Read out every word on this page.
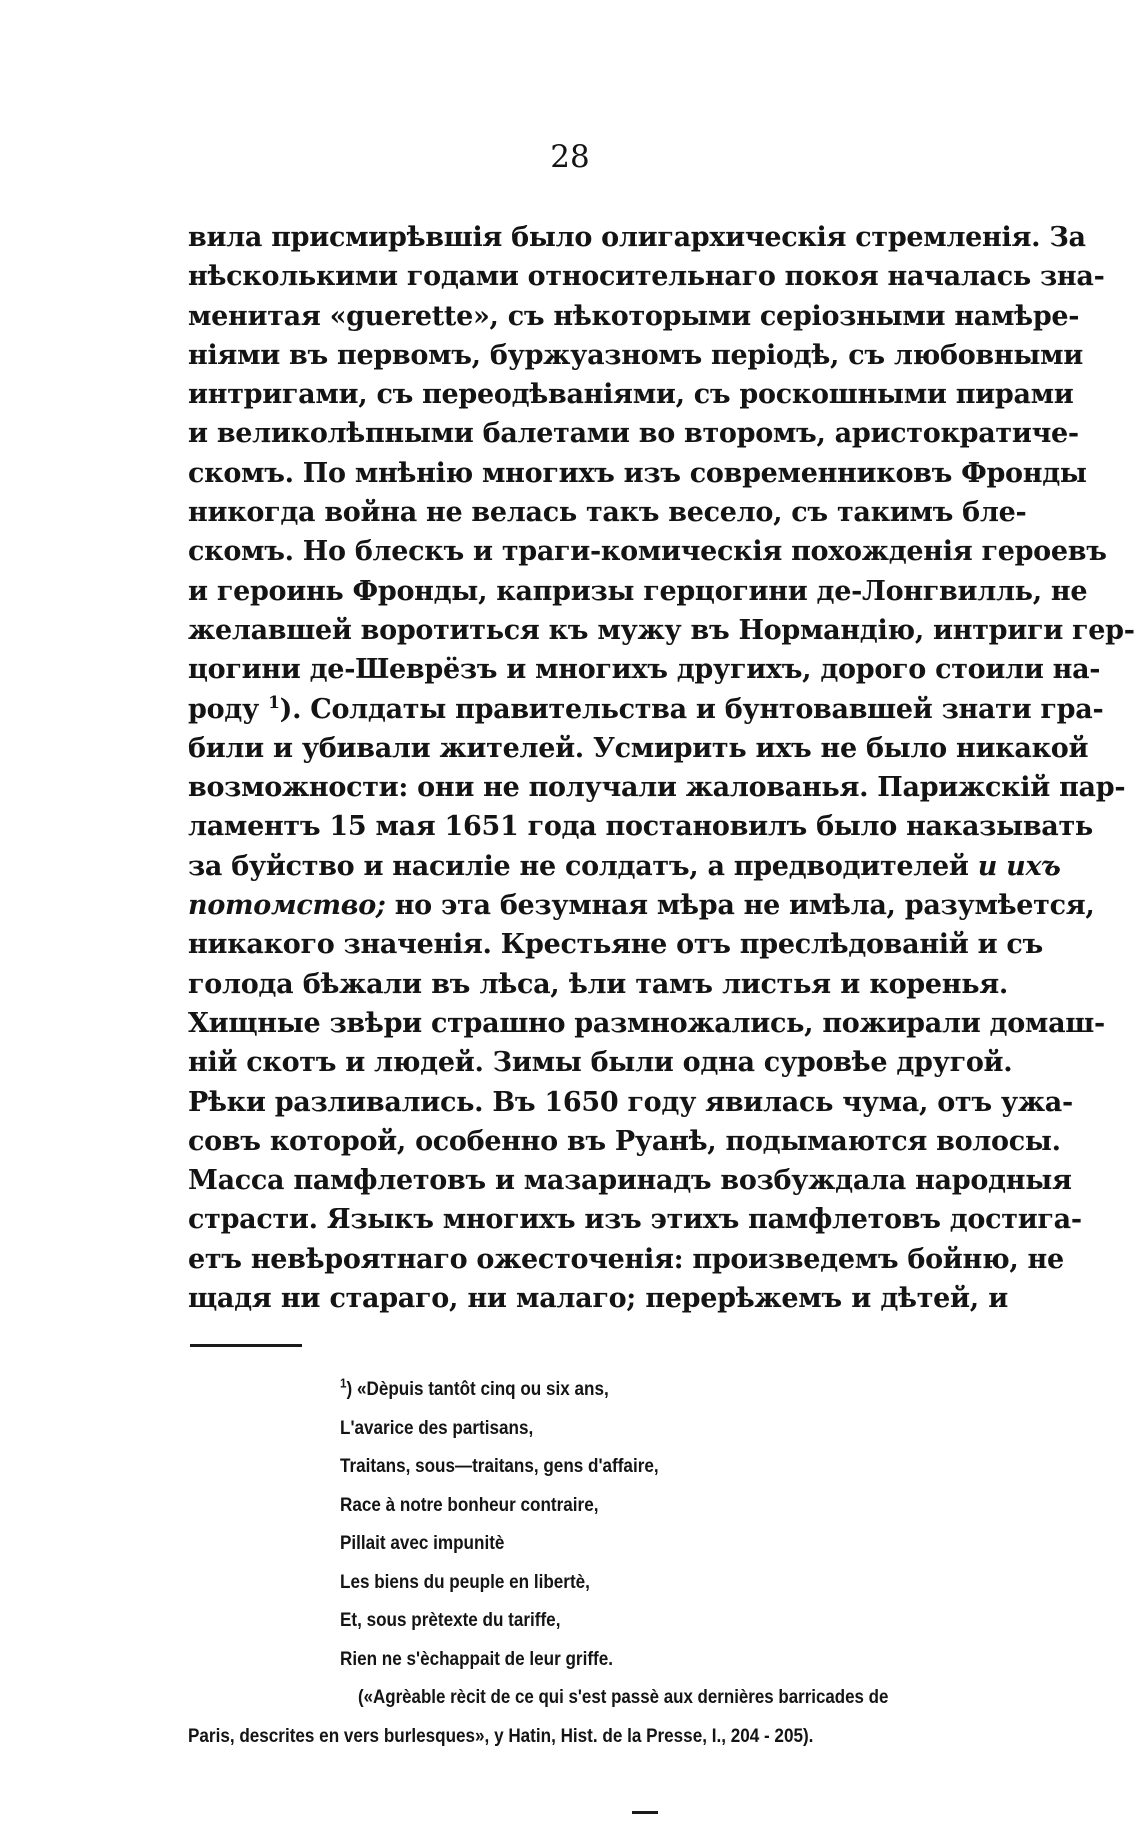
28
вила присмирѣвшія было олигархическія стремленія. За
нѣсколькими годами относительнаго покоя началась зна-
менитая «guerette», съ нѣкоторыми серіозными намѣре-
ніями въ первомъ, буржуазномъ періодѣ, съ любовными
интригами, съ переодѣваніями, съ роскошными пирами
и великолѣпными балетами во второмъ, аристократиче-
скомъ. По мнѣнію многихъ изъ современниковъ Фронды
никогда война не велась такъ весело, съ такимъ бле-
скомъ. Но блескъ и траги-комическія похожденія героевъ
и героинь Фронды, капризы герцогини де-Лонгвилль, не
желавшей воротиться къ мужу въ Нормандію, интриги гер-
цогини де-Шеврёзъ и многихъ другихъ, дорого стоили на-
роду $^1$). Солдаты правительства и бунтовавшей знати гра-
били и убивали жителей. Усмирить ихъ не было никакой
возможности: они не получали жалованья. Парижскій пар-
ламентъ 15 мая 1651 года постановилъ было наказывать
за буйство и насиліе не солдатъ, а предводителей и ихъ
потомство; но эта безумная мѣра не имѣла, разумѣется,
никакого значенія. Крестьяне отъ преслѣдованій и съ
голода бѣжали въ лѣса, ѣли тамъ листья и коренья.
Хищные звѣри страшно размножались, пожирали домаш-
ній скотъ и людей. Зимы были одна суровѣе другой.
Рѣки разливались. Въ 1650 году явилась чума, отъ ужа-
совъ которой, особенно въ Руанѣ, подымаются волосы.
Масса памфлетовъ и мазаринадъ возбуждала народныя
страсти. Языкъ многихъ изъ этихъ памфлетовъ достига-
етъ невѣроятнаго ожесточенія: произведемъ бойню, не
щадя ни стараго, ни малаго; перерѣжемъ и дѣтей, и
$^1$) «Dèpuis tantôt cinq ou six ans,
L'avarice des partisans,
Traitans, sous—traitans, gens d'affaire,
Race à notre bonheur contraire,
Pillait avec impunitè
Les biens du peuple en libertè,
Et, sous prètexte du tariffe,
Rien ne s'èchappait de leur griffe.
(«Agrèable rècit de ce qui s'est passè aux dernières barricades de
Paris, descrites en vers burlesques», y Hatin, Hist. de la Presse, I., 204 - 205).
